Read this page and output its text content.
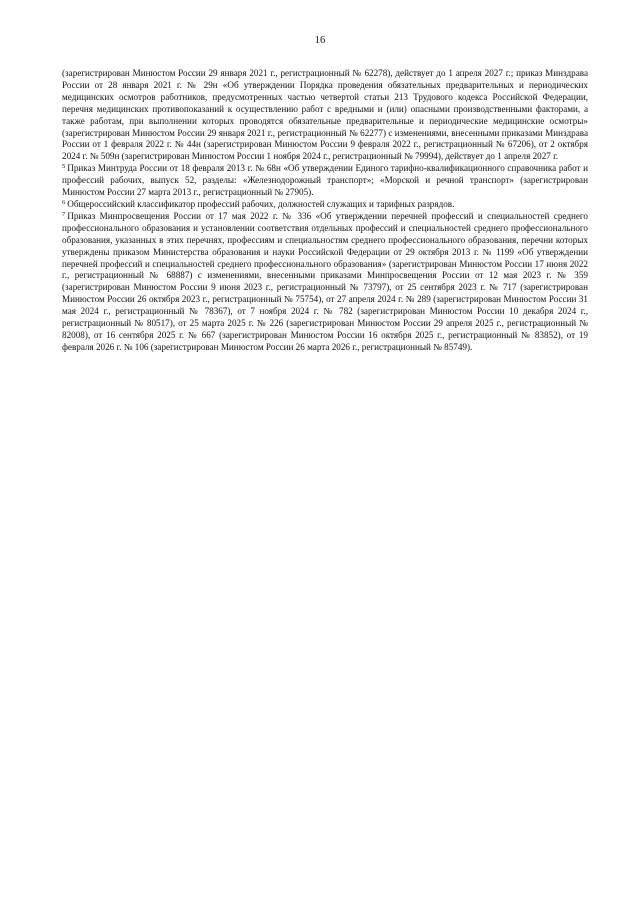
16

(зарегистрирован Минюстом России 29 января 2021 г., регистрационный № 62278), действует до 1 апреля 2027 г.; приказ Минздрава России от 28 января 2021 г. № 29н «Об утверждении Порядка проведения обязательных предварительных и периодических медицинских осмотров работников, предусмотренных частью четвертой статьи 213 Трудового кодекса Российской Федерации, перечня медицинских противопоказаний к осуществлению работ с вредными и (или) опасными производственными факторами, а также работам, при выполнении которых проводятся обязательные предварительные и периодические медицинские осмотры» (зарегистрирован Минюстом России 29 января 2021 г., регистрационный № 62277) с изменениями, внесенными приказами Минздрава России от 1 февраля 2022 г. № 44н (зарегистрирован Минюстом России 9 февраля 2022 г., регистрационный № 67206), от 2 октября 2024 г. № 509н (зарегистрирован Минюстом России 1 ноября 2024 г., регистрационный № 79994), действует до 1 апреля 2027 г.

$^5$ Приказ Минтруда России от 18 февраля 2013 г. № 68н «Об утверждении Единого тарифно-квалификационного справочника работ и профессий рабочих, выпуск 52, разделы: «Железнодорожный транспорт»; «Морской и речной транспорт» (зарегистрирован Минюстом России 27 марта 2013 г., регистрационный № 27905).

$^6$ Общероссийский классификатор профессий рабочих, должностей служащих и тарифных разрядов.

$^7$ Приказ Минпросвещения России от 17 мая 2022 г. № 336 «Об утверждении перечней профессий и специальностей среднего профессионального образования и установлении соответствия отдельных профессий и специальностей среднего профессионального образования, указанных в этих перечнях, профессиям и специальностям среднего профессионального образования, перечни которых утверждены приказом Министерства образования и науки Российской Федерации от 29 октября 2013 г. № 1199 «Об утверждении перечней профессий и специальностей среднего профессионального образования» (зарегистрирован Минюстом России 17 июня 2022 г., регистрационный № 68887) с изменениями, внесенными приказами Минпросвещения России от 12 мая 2023 г. № 359 (зарегистрирован Минюстом России 9 июня 2023 г., регистрационный № 73797), от 25 сентября 2023 г. № 717 (зарегистрирован Минюстом России 26 октября 2023 г., регистрационный № 75754), от 27 апреля 2024 г. № 289 (зарегистрирован Минюстом России 31 мая 2024 г., регистрационный № 78367), от 7 ноября 2024 г. № 782 (зарегистрирован Минюстом России 10 декабря 2024 г., регистрационный № 80517), от 25 марта 2025 г. № 226 (зарегистрирован Минюстом России 29 апреля 2025 г., регистрационный № 82008), от 16 сентября 2025 г. № 667 (зарегистрирован Минюстом России 16 октября 2025 г., регистрационный № 83852), от 19 февраля 2026 г. № 106 (зарегистрирован Минюстом России 26 марта 2026 г., регистрационный № 85749).
